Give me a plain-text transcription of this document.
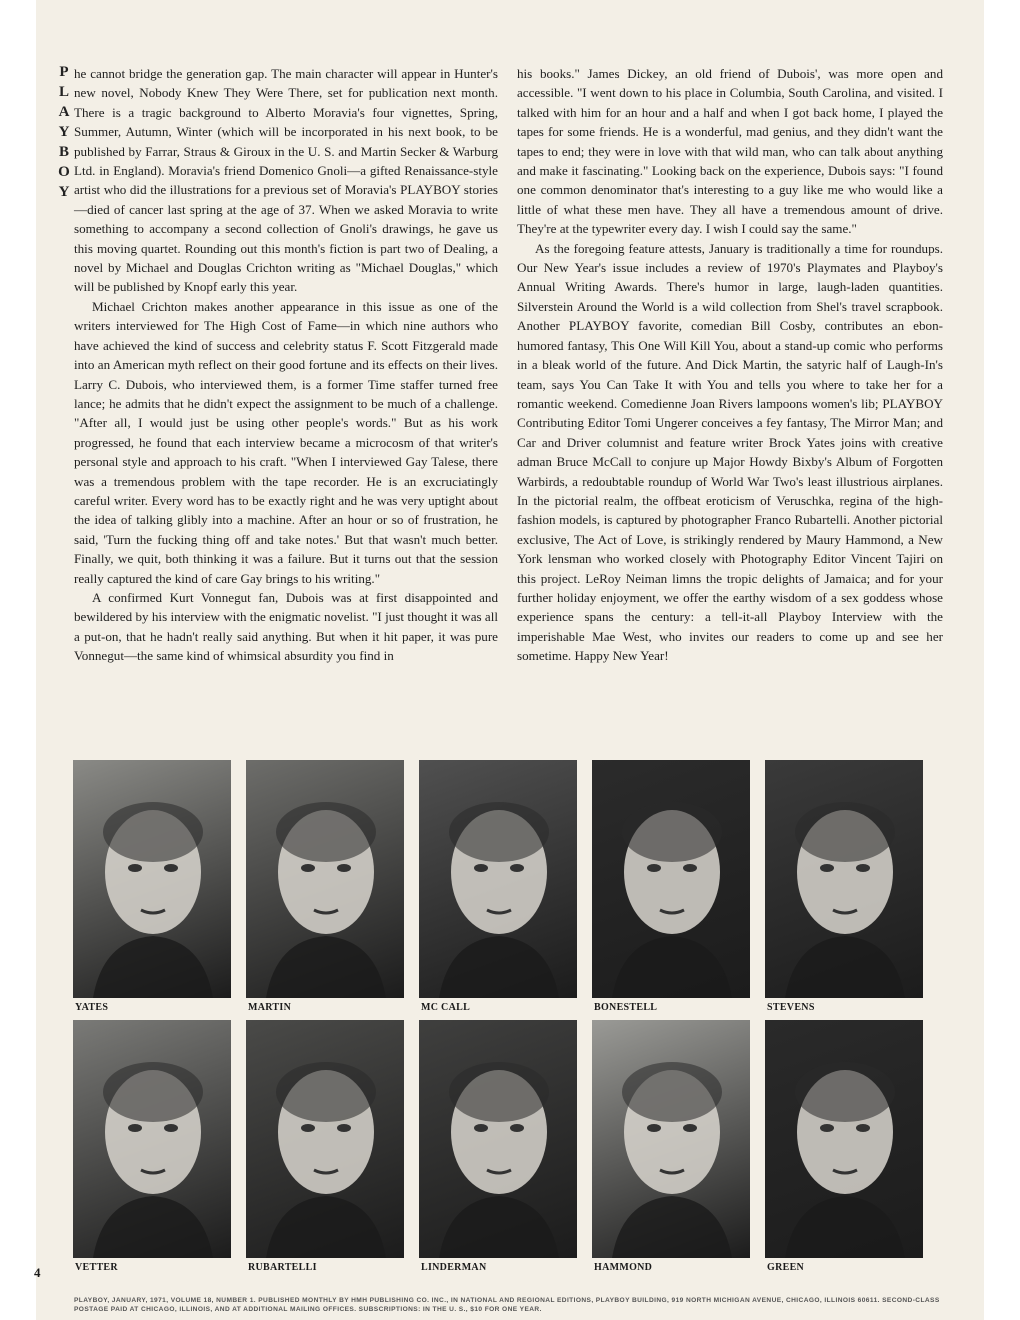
P
L
A
Y
B
O
Y

he cannot bridge the generation gap. The main character will appear in Hunter's new novel, Nobody Knew They Were There, set for publication next month. There is a tragic background to Alberto Moravia's four vignettes, Spring, Summer, Autumn, Winter (which will be incorporated in his next book, to be published by Farrar, Straus & Giroux in the U. S. and Martin Secker & Warburg Ltd. in England). Moravia's friend Domenico Gnoli—a gifted Renaissance-style artist who did the illustrations for a previous set of Moravia's PLAYBOY stories—died of cancer last spring at the age of 37. When we asked Moravia to write something to accompany a second collection of Gnoli's drawings, he gave us this moving quartet. Rounding out this month's fiction is part two of Dealing, a novel by Michael and Douglas Crichton writing as "Michael Douglas," which will be published by Knopf early this year.

Michael Crichton makes another appearance in this issue as one of the writers interviewed for The High Cost of Fame—in which nine authors who have achieved the kind of success and celebrity status F. Scott Fitzgerald made into an American myth reflect on their good fortune and its effects on their lives. Larry C. Dubois, who interviewed them, is a former Time staffer turned free lance; he admits that he didn't expect the assignment to be much of a challenge. "After all, I would just be using other people's words." But as his work progressed, he found that each interview became a microcosm of that writer's personal style and approach to his craft. "When I interviewed Gay Talese, there was a tremendous problem with the tape recorder. He is an excruciatingly careful writer. Every word has to be exactly right and he was very uptight about the idea of talking glibly into a machine. After an hour or so of frustration, he said, 'Turn the fucking thing off and take notes.' But that wasn't much better. Finally, we quit, both thinking it was a failure. But it turns out that the session really captured the kind of care Gay brings to his writing."

A confirmed Kurt Vonnegut fan, Dubois was at first disappointed and bewildered by his interview with the enigmatic novelist. "I just thought it was all a put-on, that he hadn't really said anything. But when it hit paper, it was pure Vonnegut—the same kind of whimsical absurdity you find in

his books." James Dickey, an old friend of Dubois', was more open and accessible. "I went down to his place in Columbia, South Carolina, and visited. I talked with him for an hour and a half and when I got back home, I played the tapes for some friends. He is a wonderful, mad genius, and they didn't want the tapes to end; they were in love with that wild man, who can talk about anything and make it fascinating." Looking back on the experience, Dubois says: "I found one common denominator that's interesting to a guy like me who would like a little of what these men have. They all have a tremendous amount of drive. They're at the typewriter every day. I wish I could say the same."

As the foregoing feature attests, January is traditionally a time for roundups. Our New Year's issue includes a review of 1970's Playmates and Playboy's Annual Writing Awards. There's humor in large, laugh-laden quantities. Silverstein Around the World is a wild collection from Shel's travel scrapbook. Another PLAYBOY favorite, comedian Bill Cosby, contributes an ebon-humored fantasy, This One Will Kill You, about a stand-up comic who performs in a bleak world of the future. And Dick Martin, the satyric half of Laugh-In's team, says You Can Take It with You and tells you where to take her for a romantic weekend. Comedienne Joan Rivers lampoons women's lib; PLAYBOY Contributing Editor Tomi Ungerer conceives a fey fantasy, The Mirror Man; and Car and Driver columnist and feature writer Brock Yates joins with creative adman Bruce McCall to conjure up Major Howdy Bixby's Album of Forgotten Warbirds, a redoubtable roundup of World War Two's least illustrious airplanes. In the pictorial realm, the offbeat eroticism of Veruschka, regina of the high-fashion models, is captured by photographer Franco Rubartelli. Another pictorial exclusive, The Act of Love, is strikingly rendered by Maury Hammond, a New York lensman who worked closely with Photography Editor Vincent Tajiri on this project. LeRoy Neiman limns the tropic delights of Jamaica; and for your further holiday enjoyment, we offer the earthy wisdom of a sex goddess whose experience spans the century: a tell-it-all Playboy Interview with the imperishable Mae West, who invites our readers to come up and see her sometime. Happy New Year!

YATES	MARTIN	MC CALL	BONESTELL	STEVENS
VETTER	RUBARTELLI	LINDERMAN	HAMMOND	GREEN
4
PLAYBOY, JANUARY, 1971, VOLUME 18, NUMBER 1. PUBLISHED MONTHLY BY HMH PUBLISHING CO. INC., IN NATIONAL AND REGIONAL EDITIONS, PLAYBOY BUILDING, 919 NORTH MICHIGAN AVENUE, CHICAGO, ILLINOIS 60611. SECOND-CLASS POSTAGE PAID AT CHICAGO, ILLINOIS, AND AT ADDITIONAL MAILING OFFICES. SUBSCRIPTIONS: IN THE U. S., $10 FOR ONE YEAR.
